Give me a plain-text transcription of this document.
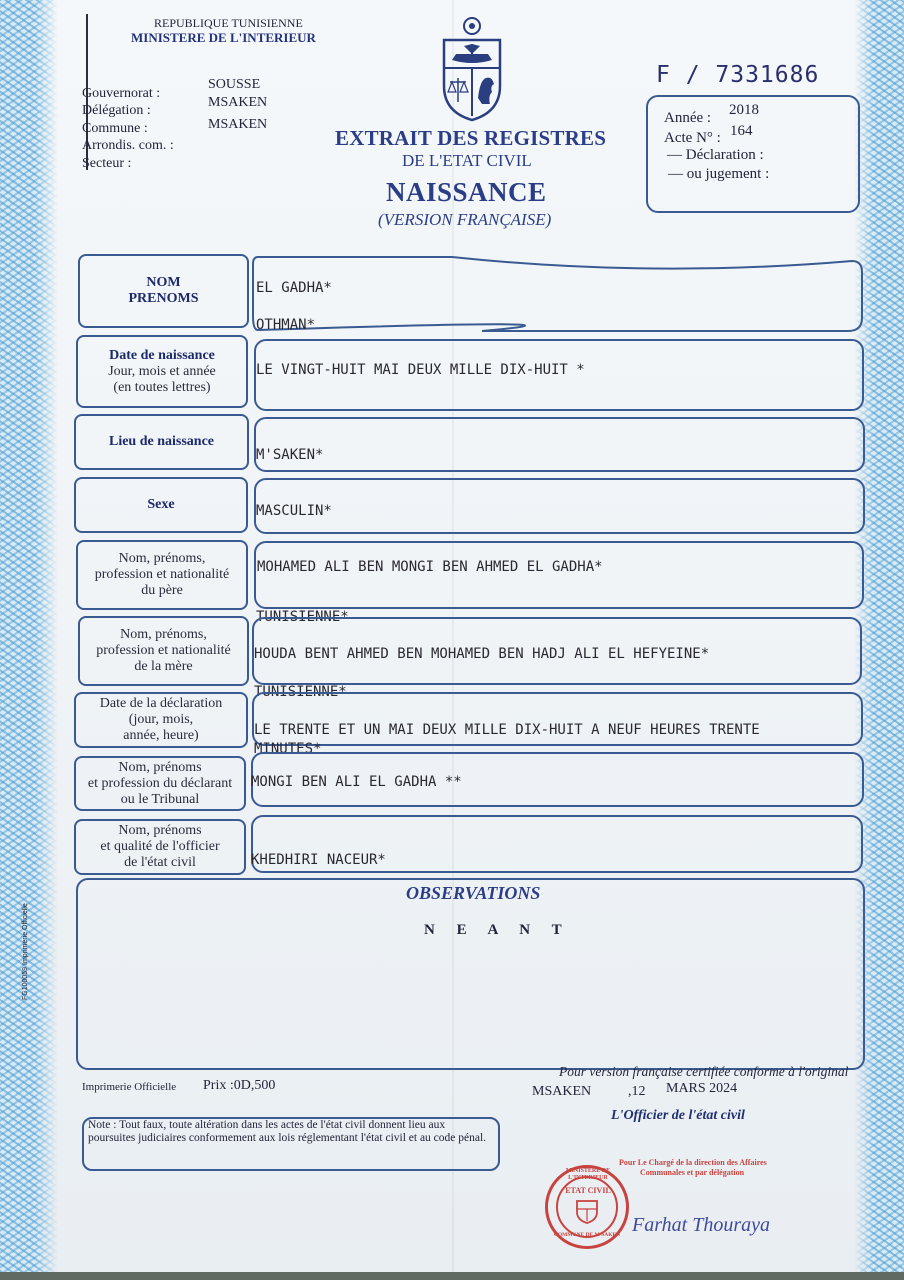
REPUBLIQUE TUNISIENNE
MINISTERE DE L'INTERIEUR
Gouvernorat :
SOUSSE
Délégation :
MSAKEN
Commune :	MSAKEN
Arrondis. com. :
Secteur :
EXTRAIT DES REGISTRES
DE L'ETAT CIVIL
NAISSANCE
(VERSION FRANÇAISE)
F / 7331686
Année : 2018
Acte N° : 164
— Déclaration :
— ou jugement :
NOM
PRENOMS
EL GADHA*
OTHMAN*
Date de naissance
Jour, mois et année
(en toutes lettres)
LE VINGT-HUIT MAI DEUX MILLE DIX-HUIT *
Lieu de naissance
M'SAKEN*
Sexe	MASCULIN*
Nom, prénoms,
profession et nationalité
du père
MOHAMED ALI BEN MONGI BEN AHMED EL GADHA*
TUNISIENNE*
Nom, prénoms,
profession et nationalité
de la mère
HOUDA BENT AHMED BEN MOHAMED BEN HADJ ALI EL HEFYEINE*
TUNISIENNE*
Date de la déclaration
(jour, mois,
année, heure)	LE TRENTE ET UN MAI DEUX MILLE DIX-HUIT A NEUF HEURES TRENTE
MINUTES*
Nom, prénoms
et profession du déclarant
ou le Tribunal
MONGI BEN ALI EL GADHA **
Nom, prénoms
et qualité de l'officier
de l'état civil	KHEDHIRI NACEUR*
OBSERVATIONS
N E A N T
FG100059 Imprimerie Officielle
Imprimerie Officielle Prix :0D,500
Pour version française certifiée conforme à l'original
MSAKEN	,12 MARS 2024
L'Officier de l'état civil
Note : Tout faux, toute altération dans les actes de l'état civil donnent lieu aux poursuites judiciaires conformement aux lois réglementant l'état civil et au code pénal.
MINISTERE DE L'INTERIEUR
ETAT CIVIL
COMMUNE DE M'SAKEN
Pour Le Chargé de la direction des Affaires
Communales et par délégation
Farhat Thouraya
